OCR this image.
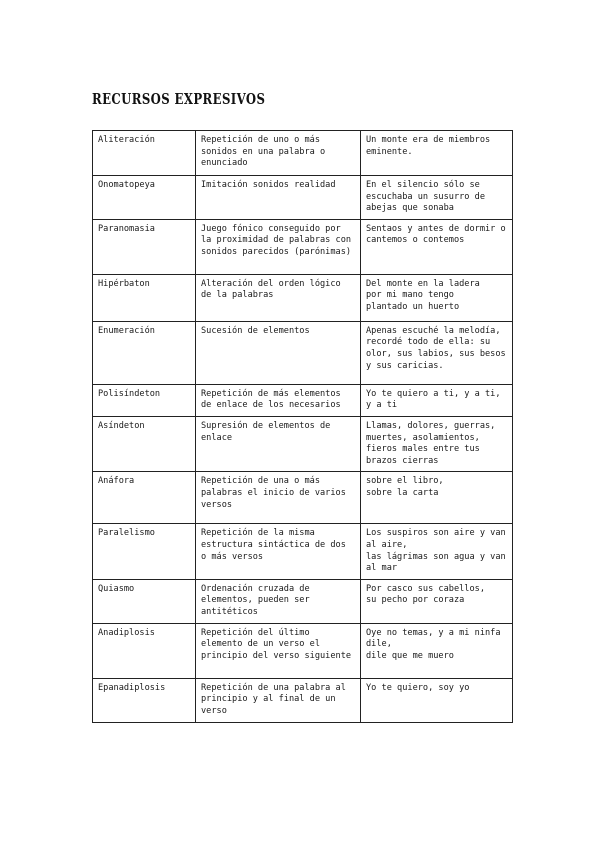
RECURSOS EXPRESIVOS
Aliteración	Repetición de uno o más sonidos en una palabra o enunciado	Un monte era de miembros eminente.
Onomatopeya	Imitación sonidos realidad	En el silencio sólo se escuchaba un susurro de abejas que sonaba
Paranomasia	Juego fónico conseguido por la proximidad de palabras con sonidos parecidos (parónimas)	Sentaos y antes de dormir o cantemos o contemos
Hipérbaton	Alteración del orden lógico de la palabras	Del monte en la ladera
por mi mano tengo
plantado un huerto
Enumeración	Sucesión de elementos	Apenas escuché la melodía, recordé todo de ella: su olor, sus labios, sus besos y sus caricias.
Polisíndeton	Repetición de más elementos de enlace de los necesarios	Yo te quiero a ti, y a ti, y a ti
Asíndeton	Supresión de elementos de enlace	Llamas, dolores, guerras, muertes, asolamientos, fieros males entre tus brazos cierras
Anáfora	Repetición de una o más palabras el inicio de varios versos	sobre el libro,
sobre la carta
Paralelismo	Repetición de la misma estructura sintáctica de dos o más versos	Los suspiros son aire y van al aire,
las lágrimas son agua y van al mar
Quiasmo	Ordenación cruzada de elementos, pueden ser antitéticos	Por casco sus cabellos,
su pecho por coraza
Anadiplosis	Repetición del último elemento de un verso el principio del verso siguiente	Oye no temas, y a mi ninfa dile,
dile que me muero
Epanadiplosis	Repetición de una palabra al principio y al final de un verso	Yo te quiero, soy yo
